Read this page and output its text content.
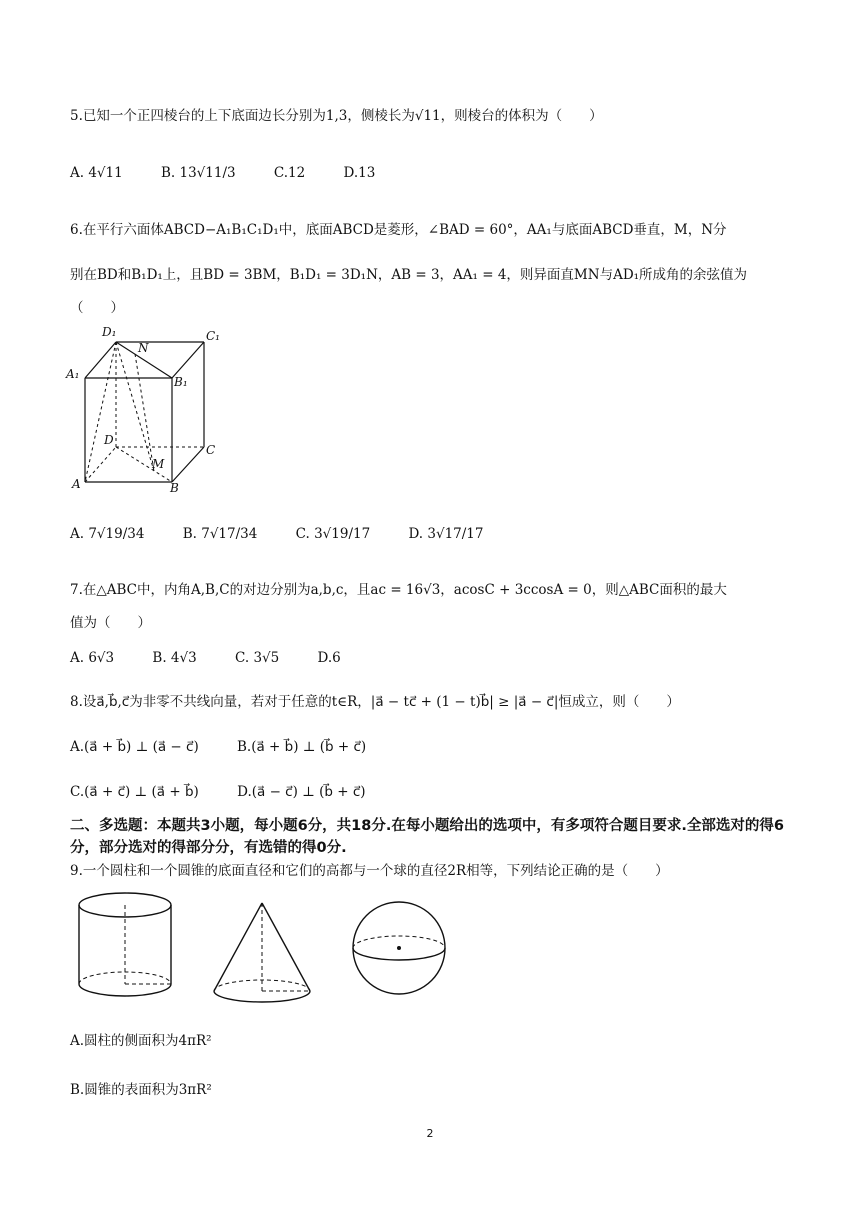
5.已知一个正四棱台的上下底面边长分别为1,3，侧棱长为√11，则棱台的体积为（　　）
A. 4√11	B. 13√11/3	C.12	D.13
6.在平行六面体ABCD−A₁B₁C₁D₁中，底面ABCD是菱形，∠BAD = 60°，AA₁与底面ABCD垂直，M，N分
别在BD和B₁D₁上，且BD = 3BM，B₁D₁ = 3D₁N，AB = 3，AA₁ = 4，则异面直MN与AD₁所成角的余弦值为
（　　）
D₁
N
C₁
A₁
B₁
D
C
M
A	B
A. 7√19/34	B. 7√17/34	C. 3√19/17	D. 3√17/17
7.在△ABC中，内角A,B,C的对边分别为a,b,c，且ac = 16√3，acosC + 3ccosA = 0，则△ABC面积的最大
值为（　　）
A. 6√3	B. 4√3	C. 3√5	D.6
8.设a⃗,b⃗,c⃗为非零不共线向量，若对于任意的t∈R，|a⃗ − tc⃗ + (1 − t)b⃗| ≥ |a⃗ − c⃗|恒成立，则（　　）
A.(a⃗ + b⃗) ⊥ (a⃗ − c⃗)	B.(a⃗ + b⃗) ⊥ (b⃗ + c⃗)
C.(a⃗ + c⃗) ⊥ (a⃗ + b⃗)	D.(a⃗ − c⃗) ⊥ (b⃗ + c⃗)
二、多选题：本题共3小题，每小题6分，共18分.在每小题给出的选项中，有多项符合题目要求.全部选对的得6分，部分选对的得部分分，有选错的得0分.
9.一个圆柱和一个圆锥的底面直径和它们的高都与一个球的直径2R相等，下列结论正确的是（　　）
A.圆柱的侧面积为4πR²
B.圆锥的表面积为3πR²
2
